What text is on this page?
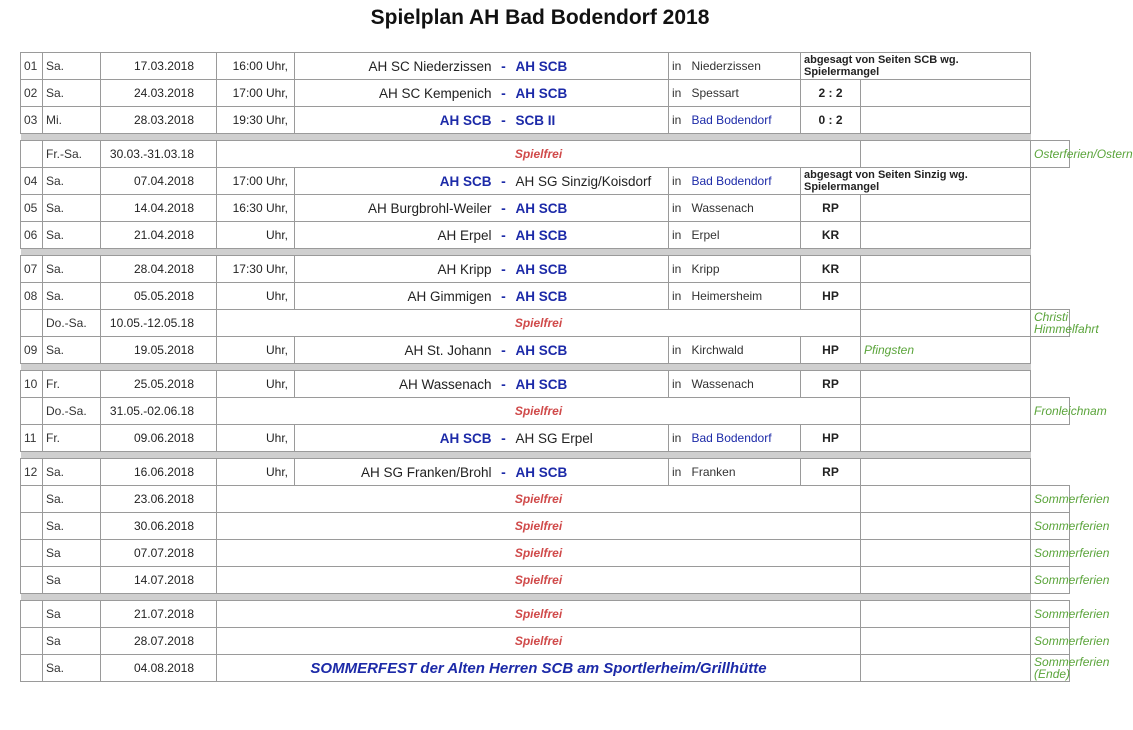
Spielplan AH Bad Bodendorf 2018
01	Sa.	17.03.2018	16:00 Uhr,	AH SC Niederzissen	-	AH SCB	in	Niederzissen	abgesagt von Seiten SCB wg. Spielermangel		
02	Sa.	24.03.2018	17:00 Uhr,	AH SC Kempenich	-	AH SCB	in	Spessart	2 : 2		
03	Mi.	28.03.2018	19:30 Uhr,	AH SCB	-	SCB II	in	Bad Bodendorf	0 : 2		

	Fr.-Sa.	30.03.-31.03.18	Spielfrei								Osterferien/Ostern
04	Sa.	07.04.2018	17:00 Uhr,	AH SCB	-	AH SG Sinzig/Koisdorf	in	Bad Bodendorf	abgesagt von Seiten Sinzig wg. Spielermangel		
05	Sa.	14.04.2018	16:30 Uhr,	AH Burgbrohl-Weiler	-	AH SCB	in	Wassenach	RP		
06	Sa.	21.04.2018	Uhr,	AH Erpel	-	AH SCB	in	Erpel	KR		

07	Sa.	28.04.2018	17:30 Uhr,	AH Kripp	-	AH SCB	in	Kripp	KR		
08	Sa.	05.05.2018	Uhr,	AH Gimmigen	-	AH SCB	in	Heimersheim	HP		
	Do.-Sa.	10.05.-12.05.18	Spielfrei								Christi Himmelfahrt
09	Sa.	19.05.2018	Uhr,	AH St. Johann	-	AH SCB	in	Kirchwald	HP	Pfingsten	

10	Fr.	25.05.2018	Uhr,	AH Wassenach	-	AH SCB	in	Wassenach	RP		
	Do.-Sa.	31.05.-02.06.18	Spielfrei								Fronleichnam
11	Fr.	09.06.2018	Uhr,	AH SCB	-	AH SG Erpel	in	Bad Bodendorf	HP		

12	Sa.	16.06.2018	Uhr,	AH SG Franken/Brohl	-	AH SCB	in	Franken	RP		
	Sa.	23.06.2018	Spielfrei								Sommerferien
	Sa.	30.06.2018	Spielfrei								Sommerferien
	Sa	07.07.2018	Spielfrei								Sommerferien
	Sa	14.07.2018	Spielfrei								Sommerferien

	Sa	21.07.2018	Spielfrei								Sommerferien
	Sa	28.07.2018	Spielfrei								Sommerferien
	Sa.	04.08.2018	SOMMERFEST der Alten Herren SCB am Sportlerheim/Grillhütte								Sommerferien (Ende)
